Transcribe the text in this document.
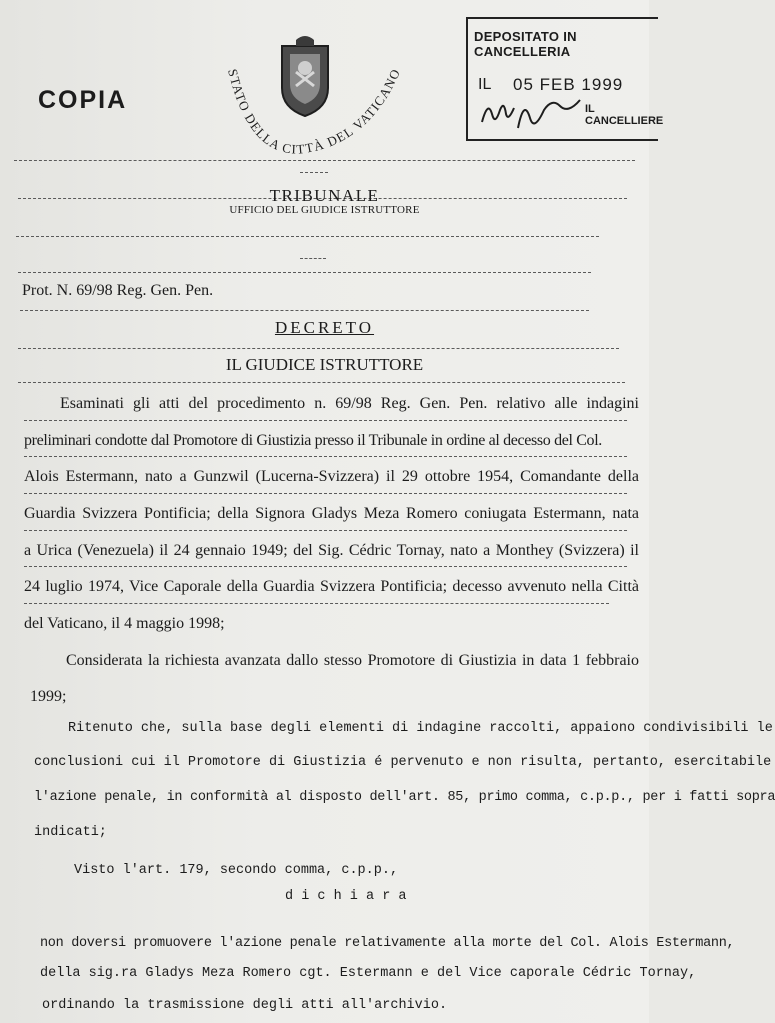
COPIA
STATO DELLA CITTÀ DEL VATICANO
DEPOSITATO IN CANCELLERIA
IL 05 FEB 1999
IL CANCELLIERE
TRIBUNALE
UFFICIO DEL GIUDICE ISTRUTTORE
Prot. N. 69/98 Reg. Gen. Pen.
DECRETO
IL GIUDICE ISTRUTTORE
Esaminati gli atti del procedimento n. 69/98 Reg. Gen. Pen. relativo alle indagini
preliminari condotte dal Promotore di Giustizia presso il Tribunale in ordine al decesso del Col.
Alois Estermann, nato a Gunzwil (Lucerna-Svizzera) il 29 ottobre 1954, Comandante della
Guardia Svizzera Pontificia; della Signora Gladys Meza Romero coniugata Estermann, nata
a Urica (Venezuela) il 24 gennaio 1949; del Sig. Cédric Tornay, nato a Monthey (Svizzera) il
24 luglio 1974, Vice Caporale della Guardia Svizzera Pontificia; decesso avvenuto nella Città
del Vaticano, il 4 maggio 1998;
Considerata la richiesta avanzata dallo stesso Promotore di Giustizia in data 1 febbraio
1999;
Ritenuto che, sulla base degli elementi di indagine raccolti, appaiono condivisibili le
conclusioni cui il Promotore di Giustizia é pervenuto e non risulta, pertanto, esercitabile
l'azione penale, in conformità al disposto dell'art. 85, primo comma, c.p.p., per i fatti sopra
indicati;
Visto l'art. 179, secondo comma, c.p.p.,
d i c h i a r a
non doversi promuovere l'azione penale relativamente alla morte del Col. Alois Estermann,
della sig.ra Gladys Meza Romero cgt. Estermann e del Vice caporale Cédric Tornay,
ordinando la trasmissione degli atti all'archivio.
